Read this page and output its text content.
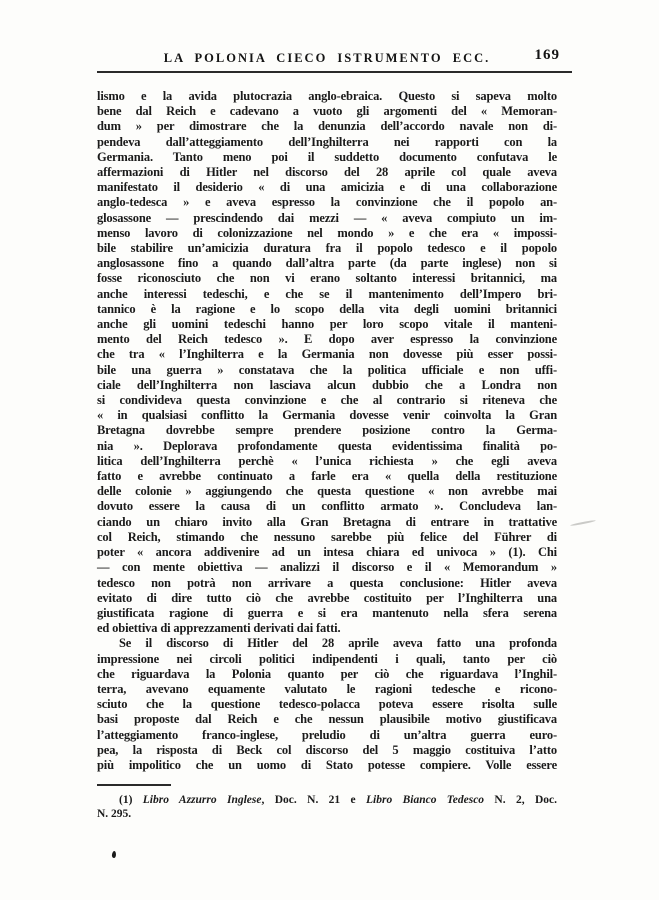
LA POLONIA CIECO ISTRUMENTO ECC.	169
lismo e la avida plutocrazia anglo-ebraica. Questo si sapeva molto
bene dal Reich e cadevano a vuoto gli argomenti del « Memoran-
dum » per dimostrare che la denunzia dell’accordo navale non di-
pendeva dall’atteggiamento dell’Inghilterra nei rapporti con la
Germania. Tanto meno poi il suddetto documento confutava le
affermazioni di Hitler nel discorso del 28 aprile col quale aveva
manifestato il desiderio « di una amicizia e di una collaborazione
anglo-tedesca » e aveva espresso la convinzione che il popolo an-
glosassone — prescindendo dai mezzi — « aveva compiuto un im-
menso lavoro di colonizzazione nel mondo » e che era « impossi-
bile stabilire un’amicizia duratura fra il popolo tedesco e il popolo
anglosassone fino a quando dall’altra parte (da parte inglese) non si
fosse riconosciuto che non vi erano soltanto interessi britannici, ma
anche interessi tedeschi, e che se il mantenimento dell’Impero bri-
tannico è la ragione e lo scopo della vita degli uomini britannici
anche gli uomini tedeschi hanno per loro scopo vitale il manteni-
mento del Reich tedesco ». E dopo aver espresso la convinzione
che tra « l’Inghilterra e la Germania non dovesse più esser possi-
bile una guerra » constatava che la politica ufficiale e non uffi-
ciale dell’Inghilterra non lasciava alcun dubbio che a Londra non
si condivideva questa convinzione e che al contrario si riteneva che
« in qualsiasi conflitto la Germania dovesse venir coinvolta la Gran
Bretagna dovrebbe sempre prendere posizione contro la Germa-
nia ». Deplorava profondamente questa evidentissima finalità po-
litica dell’Inghilterra perchè « l’unica richiesta » che egli aveva
fatto e avrebbe continuato a farle era « quella della restituzione
delle colonie » aggiungendo che questa questione « non avrebbe mai
dovuto essere la causa di un conflitto armato ». Concludeva lan-
ciando un chiaro invito alla Gran Bretagna di entrare in trattative
col Reich, stimando che nessuno sarebbe più felice del Führer di
poter « ancora addivenire ad un intesa chiara ed univoca » (1). Chi
— con mente obiettiva — analizzi il discorso e il « Memorandum »
tedesco non potrà non arrivare a questa conclusione: Hitler aveva
evitato di dire tutto ciò che avrebbe costituito per l’Inghilterra una
giustificata ragione di guerra e si era mantenuto nella sfera serena
ed obiettiva di apprezzamenti derivati dai fatti.
Se il discorso di Hitler del 28 aprile aveva fatto una profonda
impressione nei circoli politici indipendenti i quali, tanto per ciò
che riguardava la Polonia quanto per ciò che riguardava l’Inghil-
terra, avevano equamente valutato le ragioni tedesche e ricono-
sciuto che la questione tedesco-polacca poteva essere risolta sulle
basi proposte dal Reich e che nessun plausibile motivo giustificava
l’atteggiamento franco-inglese, preludio di un’altra guerra euro-
pea, la risposta di Beck col discorso del 5 maggio costituiva l’atto
più impolitico che un uomo di Stato potesse compiere. Volle essere
(1) Libro Azzurro Inglese, Doc. N. 21 e Libro Bianco Tedesco N. 2, Doc.
N. 295.
